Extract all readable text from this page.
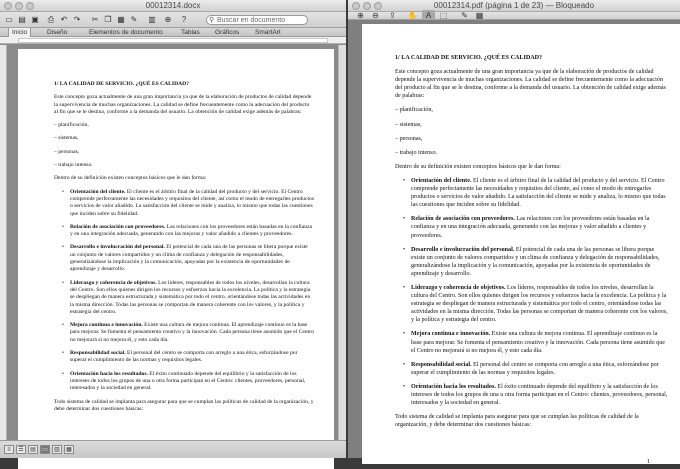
00012314.docx
▭ ▤ ▣	⎙ ↶ ↷	✂ ❐ ▦ ✎	▥	⊕	?	⚲ Buscar en documento
Inicio	Diseño	Elementos de documento	Tablas	Gráficos	SmartArt
1/ LA CALIDAD DE SERVICIO. ¿QUÉ ES CALIDAD?
Este concepto goza actualmente de una gran importancia ya que de la elaboración de productos de calidad depende la supervivencia de muchas organizaciones. La calidad se define frecuentemente como la adecuación del producto al fin que se le destina, conforme a la demanda del usuario. La obtención de calidad exige además de palabras:
– planificación,
– sistemas,
– personas,
– trabajo intenso.
Dentro de su definición existen conceptos básicos que le dan forma:
• Orientación del cliente. El cliente es el árbitro final de la calidad del producto y del servicio. El Centro comprende perfectamente las necesidades y requisitos del cliente, así como el modo de entregarles productos o servicios de valor añadido. La satisfacción del cliente se mide y analiza, lo mismo que todas las cuestiones que inciden sobre su fidelidad.
• Relación de asociación con proveedores. Las relaciones con los proveedores están basadas en la confianza y en una integración adecuada, generando con las mejoras y valor añadido a clientes y proveedores.
• Desarrollo e involucración del personal. El potencial de cada una de las personas se libera porque existe un conjunto de valores compartidos y un clima de confianza y delegación de responsabilidades, generalizándose la implicación y la comunicación, apoyadas por la existencia de oportunidades de aprendizaje y desarrollo.
• Liderazgo y coherencia de objetivos. Los líderes, responsables de todos los niveles, desarrollan la cultura del Centro. Son ellos quienes dirigen los recursos y esfuerzos hacia la excelencia. La política y la estrategia se despliegan de manera estructurada y sistemática por todo el centro, orientándose todas las actividades en la misma dirección. Todas las personas se comportan de manera coherente con los valores, y la política y estrategia del centro.
• Mejora continua e innovación. Existe una cultura de mejora continua. El aprendizaje continuo es la base para mejorar. Se fomenta el pensamiento creativo y la innovación. Cada persona tiene asumido que el Centro no mejorará si no mejora él, y esto cada día.
• Responsabilidad social. El personal del centro se comporta con arreglo a una ética, esforzándose por superar el cumplimiento de las normas y requisitos legales.
• Orientación hacia los resultados. El éxito continuado depende del equilibrio y la satisfacción de los intereses de todos los grupos de una u otra forma participan en el Centro: clientes, proveedores, personal, interesados y la sociedad en general.
Todo sistema de calidad se implanta para asegurar para que se cumplan las políticas de calidad de la organización, y debe determinar dos cuestiones básicas:
≡	☰	▤	▭	▥	▦
00012314.pdf (página 1 de 23) — Bloqueado
⊕	⊖	⇪	✋	A	⬚	✎ ▦
1/ LA CALIDAD DE SERVICIO. ¿QUÉ ES CALIDAD?
Este concepto goza actualmente de una gran importancia ya que de la elaboración de productos de calidad depende la supervivencia de muchas organizaciones. La calidad se define frecuentemente como la adecuación del producto al fin que se le destina, conforme a la demanda del usuario. La obtención de calidad exige además de palabras:
– planificación,
– sistemas,
– personas,
– trabajo intenso.
Dentro de su definición existen conceptos básicos que le dan forma:
• Orientación del cliente. El cliente es el árbitro final de la calidad del producto y del servicio. El Centro comprende perfectamente las necesidades y requisitos del cliente, así como el modo de entregarles productos o servicios de valor añadido. La satisfacción del cliente se mide y analiza, lo mismo que todas las cuestiones que inciden sobre su fidelidad.
• Relación de asociación con proveedores. Las relaciones con los proveedores están basadas en la confianza y en una integración adecuada, generando con las mejoras y valor añadido a clientes y proveedores.
• Desarrollo e involucración del personal. El potencial de cada una de las personas se libera porque existe un conjunto de valores compartidos y un clima de confianza y delegación de responsabilidades, generalizándose la implicación y la comunicación, apoyadas por la existencia de oportunidades de aprendizaje y desarrollo.
• Liderazgo y coherencia de objetivos. Los líderes, responsables de todos los niveles, desarrollan la cultura del Centro. Son ellos quienes dirigen los recursos y esfuerzos hacia la excelencia. La política y la estrategia se despliegan de manera estructurada y sistemática por todo el centro, orientándose todas las actividades en la misma dirección. Todas las personas se comportan de manera coherente con los valores, y la política y estrategia del centro.
• Mejora continua e innovación. Existe una cultura de mejora continua. El aprendizaje continuo es la base para mejorar. Se fomenta el pensamiento creativo y la innovación. Cada persona tiene asumido que el Centro no mejorará si no mejora él, y esto cada día.
• Responsabilidad social. El personal del centro se comporta con arreglo a una ética, esforzándose por superar el cumplimiento de las normas y requisitos legales.
• Orientación hacia los resultados. El éxito continuado depende del equilibrio y la satisfacción de los intereses de todos los grupos de una u otra forma participan en el Centro: clientes, proveedores, personal, interesados y la sociedad en general.
Todo sistema de calidad se implanta para asegurar para que se cumplan las políticas de calidad de la organización, y debe determinar dos cuestiones básicas:
1
